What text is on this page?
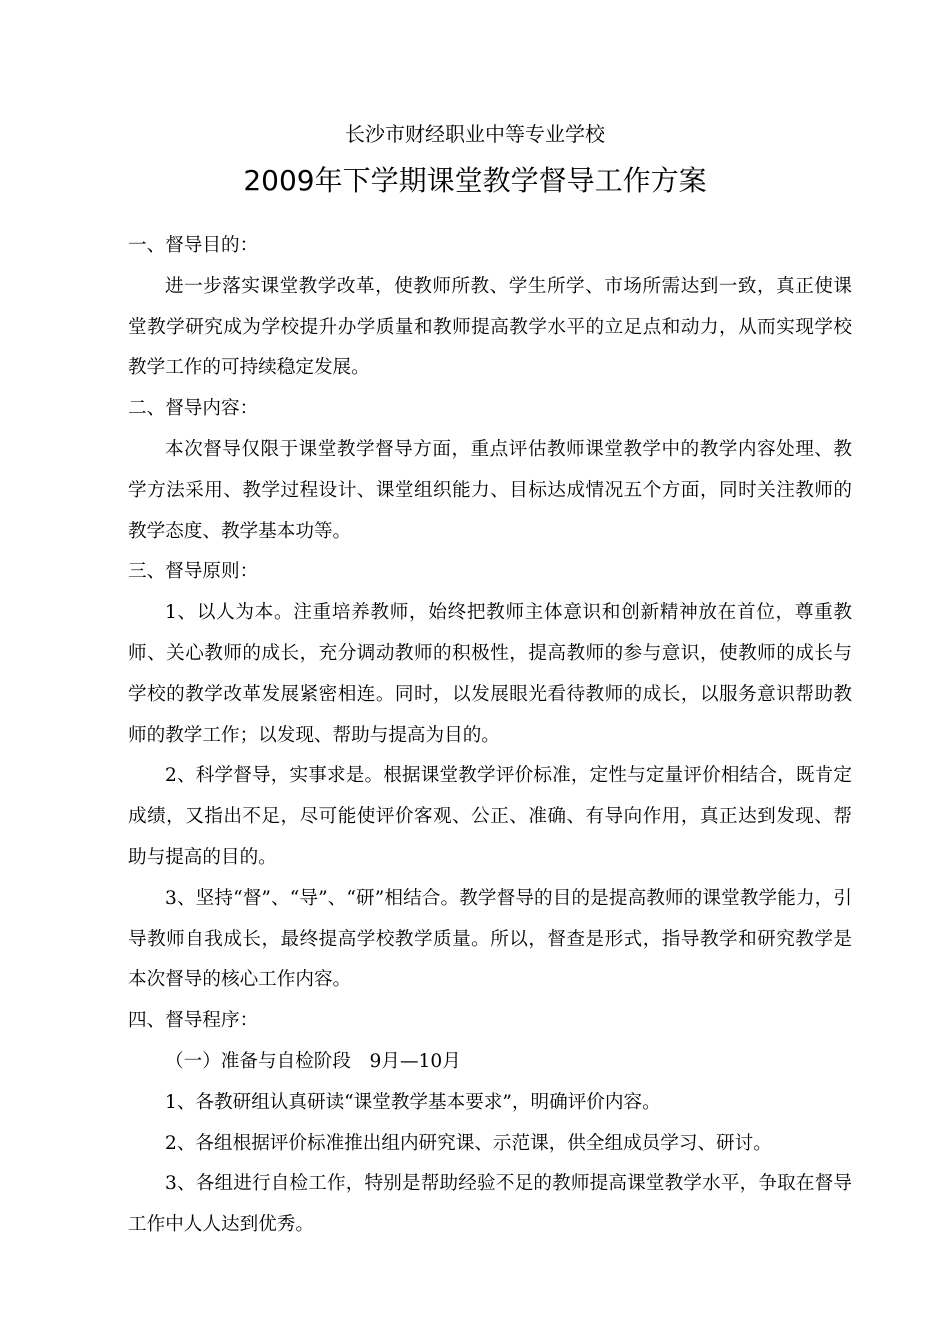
长沙市财经职业中等专业学校
2009年下学期课堂教学督导工作方案

一、督导目的：

进一步落实课堂教学改革，使教师所教、学生所学、市场所需达到一致，真正使课堂教学研究成为学校提升办学质量和教师提高教学水平的立足点和动力，从而实现学校教学工作的可持续稳定发展。

二、督导内容：

本次督导仅限于课堂教学督导方面，重点评估教师课堂教学中的教学内容处理、教学方法采用、教学过程设计、课堂组织能力、目标达成情况五个方面，同时关注教师的教学态度、教学基本功等。

三、督导原则：

1、以人为本。注重培养教师，始终把教师主体意识和创新精神放在首位，尊重教师、关心教师的成长，充分调动教师的积极性，提高教师的参与意识，使教师的成长与学校的教学改革发展紧密相连。同时，以发展眼光看待教师的成长，以服务意识帮助教师的教学工作；以发现、帮助与提高为目的。

2、科学督导，实事求是。根据课堂教学评价标准，定性与定量评价相结合，既肯定成绩，又指出不足，尽可能使评价客观、公正、准确、有导向作用，真正达到发现、帮助与提高的目的。

3、坚持“督”、“导”、“研”相结合。教学督导的目的是提高教师的课堂教学能力，引导教师自我成长，最终提高学校教学质量。所以，督查是形式，指导教学和研究教学是本次督导的核心工作内容。

四、督导程序：

（一）准备与自检阶段　9月—10月

1、各教研组认真研读“课堂教学基本要求”，明确评价内容。

2、各组根据评价标准推出组内研究课、示范课，供全组成员学习、研讨。

3、各组进行自检工作，特别是帮助经验不足的教师提高课堂教学水平，争取在督导工作中人人达到优秀。
